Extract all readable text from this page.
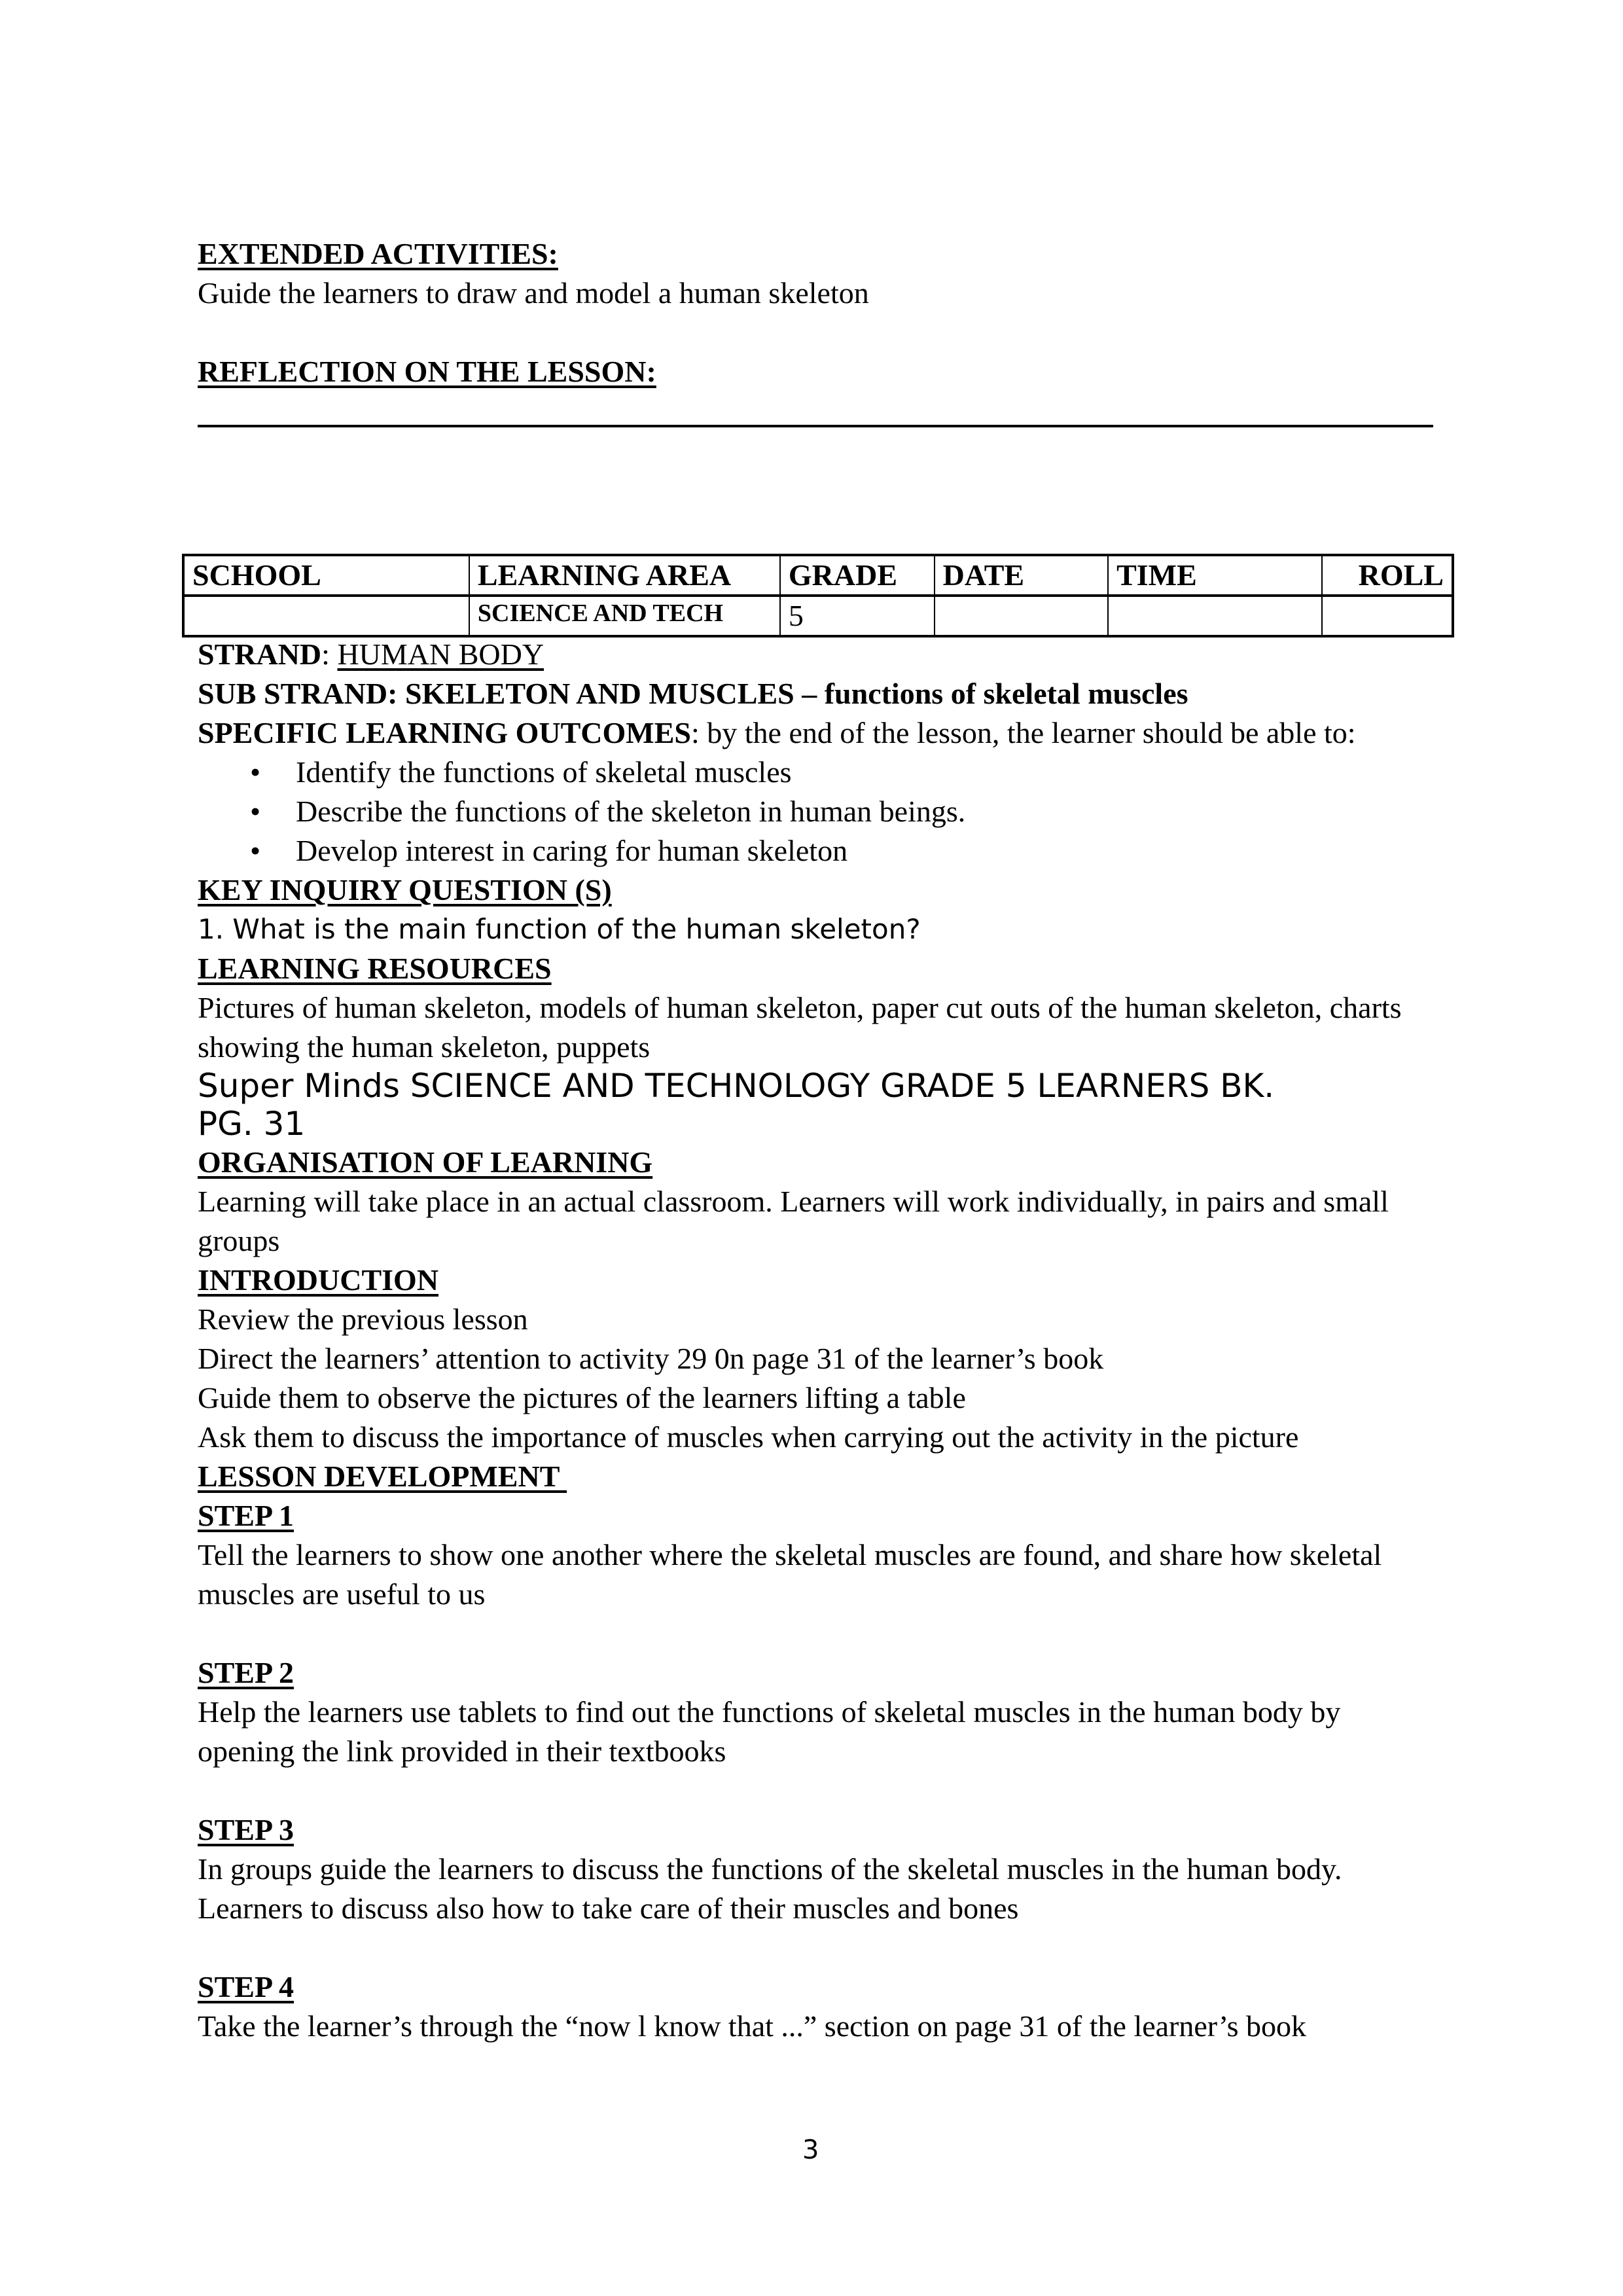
EXTENDED ACTIVITIES:

Guide the learners to draw and model a human skeleton

REFLECTION ON THE LESSON:

SCHOOL	LEARNING AREA	GRADE	DATE	TIME	ROLL
	SCIENCE AND TECH	5			

STRAND: HUMAN BODY

SUB STRAND: SKELETON AND MUSCLES – functions of skeletal muscles

SPECIFIC LEARNING OUTCOMES: by the end of the lesson, the learner should be able to:

• Identify the functions of skeletal muscles
• Describe the functions of the skeleton in human beings.
• Develop interest in caring for human skeleton

KEY INQUIRY QUESTION (S)

1. What is the main function of the human skeleton?

LEARNING RESOURCES

Pictures of human skeleton, models of human skeleton, paper cut outs of the human skeleton, charts showing the human skeleton, puppets

Super Minds SCIENCE AND TECHNOLOGY GRADE 5 LEARNERS BK.

PG. 31

ORGANISATION OF LEARNING

Learning will take place in an actual classroom. Learners will work individually, in pairs and small groups

INTRODUCTION

Review the previous lesson

Direct the learners’ attention to activity 29 0n page 31 of the learner’s book

Guide them to observe the pictures of the learners lifting a table

Ask them to discuss the importance of muscles when carrying out the activity in the picture

LESSON DEVELOPMENT

STEP 1

Tell the learners to show one another where the skeletal muscles are found, and share how skeletal muscles are useful to us

STEP 2

Help the learners use tablets to find out the functions of skeletal muscles in the human body by opening the link provided in their textbooks

STEP 3

In groups guide the learners to discuss the functions of the skeletal muscles in the human body.

Learners to discuss also how to take care of their muscles and bones

STEP 4

Take the learner’s through the “now l know that ...” section on page 31 of the learner’s book

3
